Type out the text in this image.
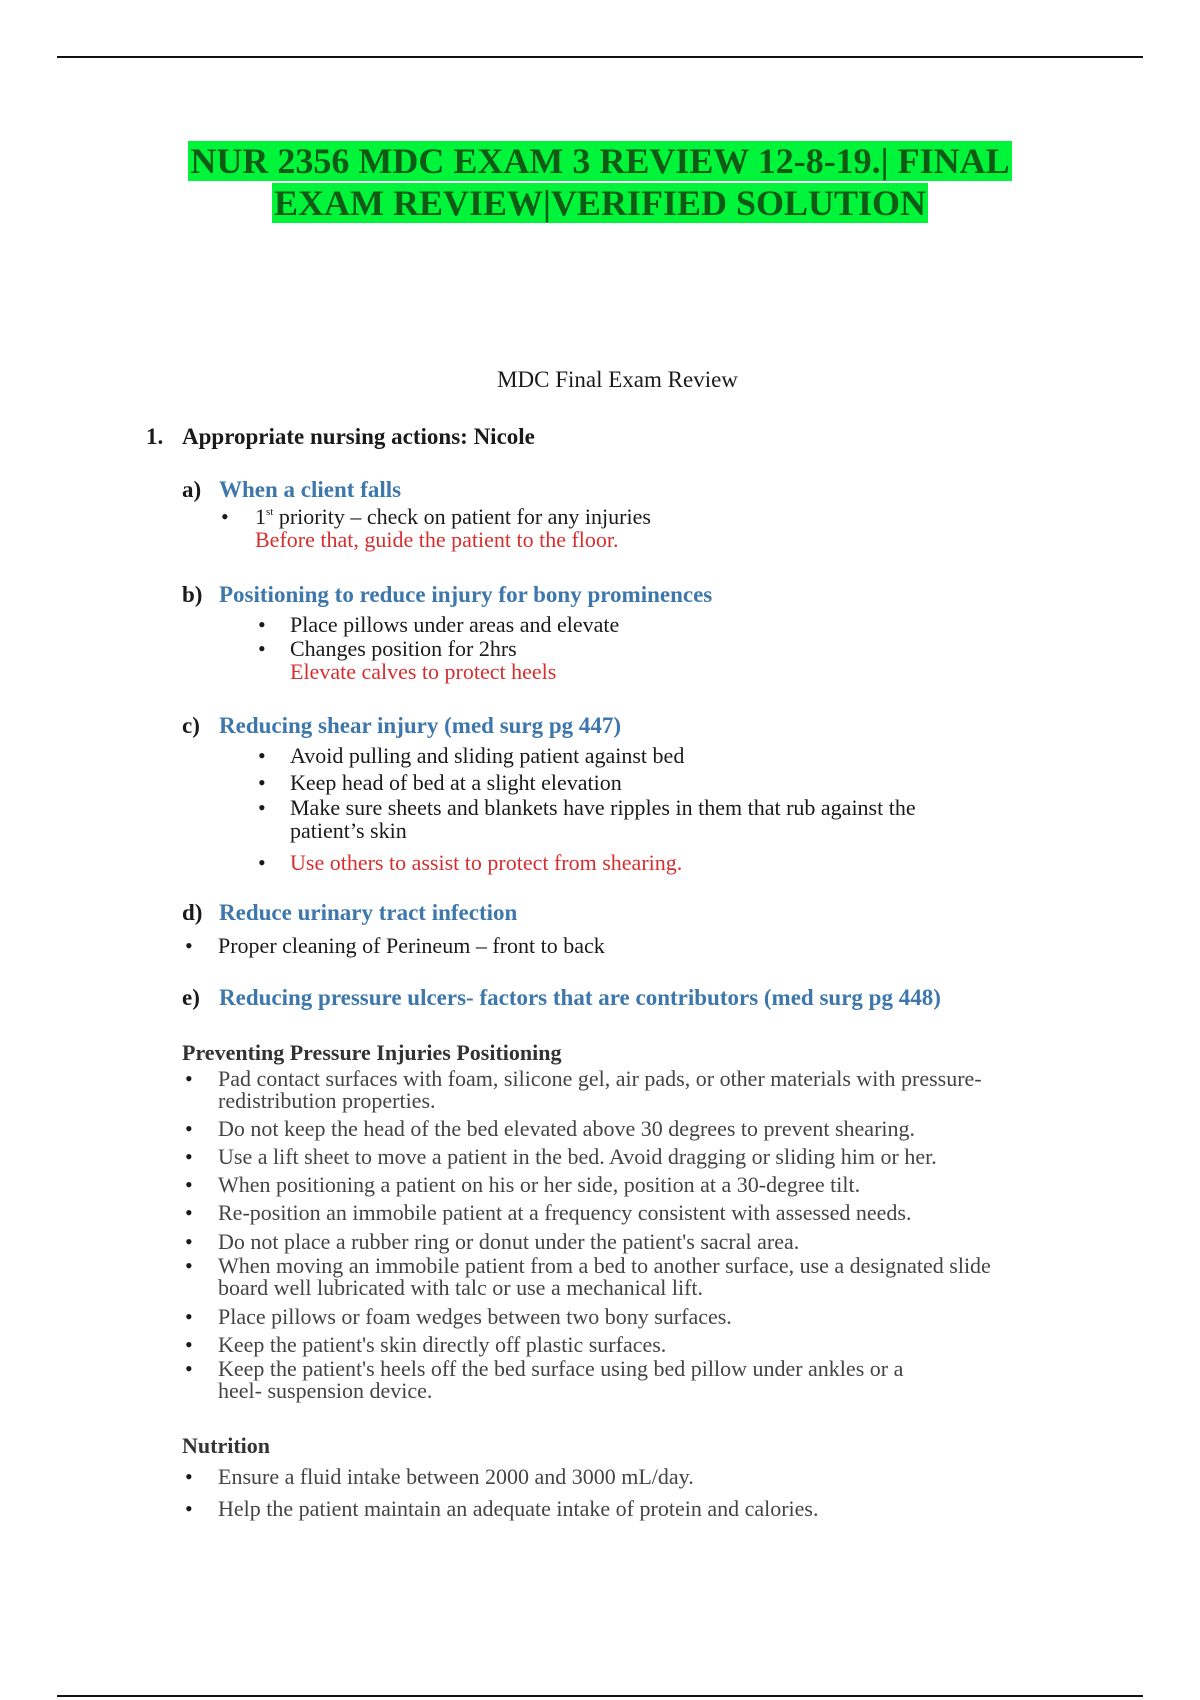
NUR 2356 MDC EXAM 3 REVIEW 12-8-19.| FINAL
EXAM REVIEW|VERIFIED SOLUTION
MDC Final Exam Review
1. Appropriate nursing actions: Nicole
a) When a client falls
• 1st priority – check on patient for any injuries
Before that, guide the patient to the floor.
b) Positioning to reduce injury for bony prominences
• Place pillows under areas and elevate
• Changes position for 2hrs
Elevate calves to protect heels
c) Reducing shear injury (med surg pg 447)
• Avoid pulling and sliding patient against bed
• Keep head of bed at a slight elevation
• Make sure sheets and blankets have ripples in them that rub against the
patient’s skin
• Use others to assist to protect from shearing.
d) Reduce urinary tract infection
• Proper cleaning of Perineum – front to back
e) Reducing pressure ulcers- factors that are contributors (med surg pg 448)
Preventing Pressure Injuries Positioning
• Pad contact surfaces with foam, silicone gel, air pads, or other materials with pressure-
redistribution properties.
• Do not keep the head of the bed elevated above 30 degrees to prevent shearing.
• Use a lift sheet to move a patient in the bed. Avoid dragging or sliding him or her.
• When positioning a patient on his or her side, position at a 30-degree tilt.
• Re-position an immobile patient at a frequency consistent with assessed needs.
• Do not place a rubber ring or donut under the patient's sacral area.
• When moving an immobile patient from a bed to another surface, use a designated slide
board well lubricated with talc or use a mechanical lift.
• Place pillows or foam wedges between two bony surfaces.
• Keep the patient's skin directly off plastic surfaces.
• Keep the patient's heels off the bed surface using bed pillow under ankles or a
heel- suspension device.
Nutrition
• Ensure a fluid intake between 2000 and 3000 mL/day.
• Help the patient maintain an adequate intake of protein and calories.
